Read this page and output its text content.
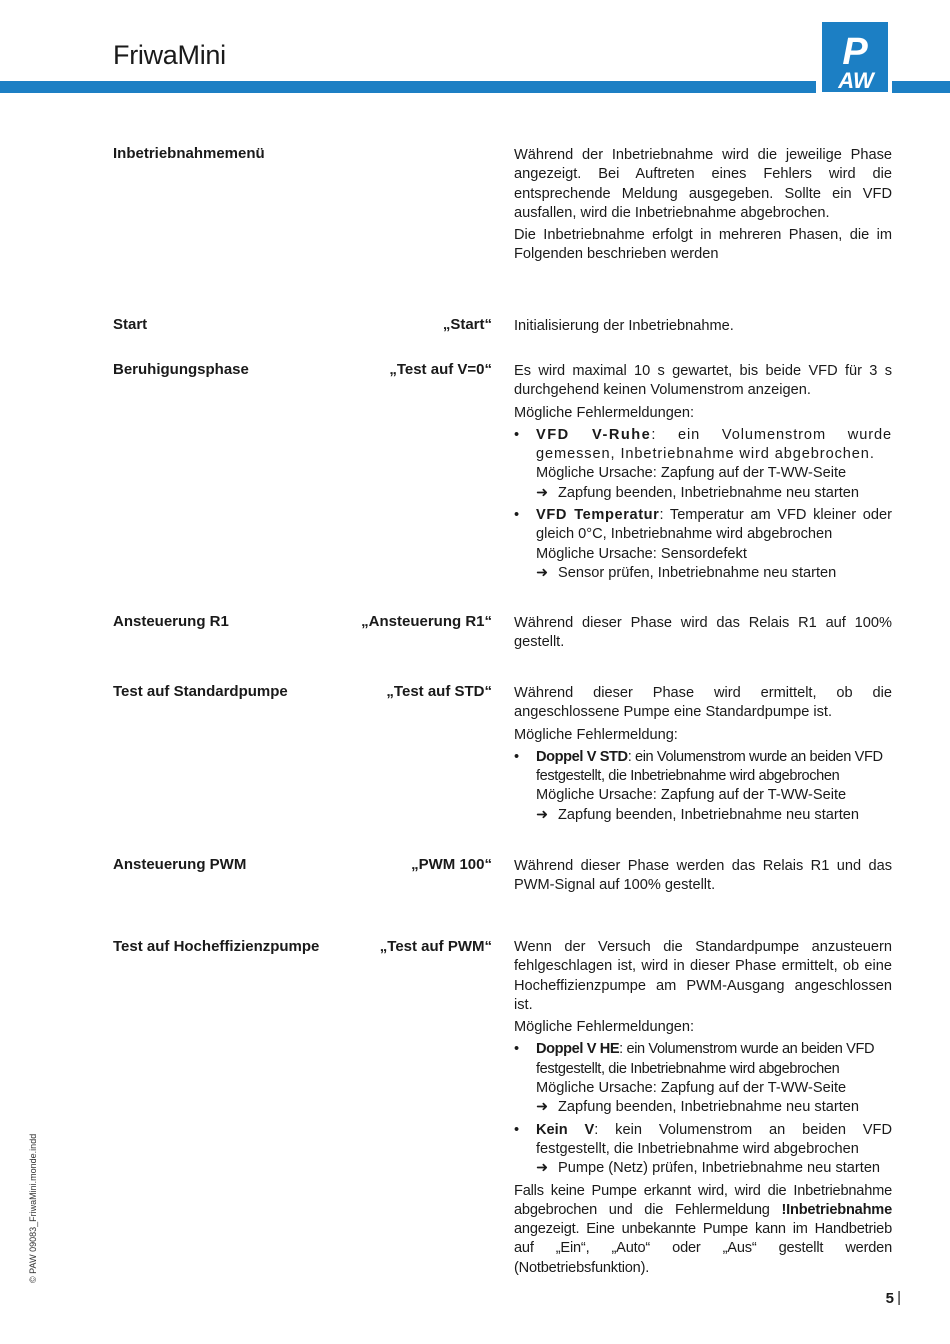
FriwaMini	P
AW
Inbetriebnahmemenü	Während der Inbetriebnahme wird die jeweilige Phase angezeigt. Bei Auftreten eines Fehlers wird die entsprechende Meldung ausgegeben. Sollte ein VFD ausfallen, wird die Inbetriebnahme abgebrochen.

Die Inbetriebnahme erfolgt in mehreren Phasen, die im Folgenden beschrieben werden

Start	„Start“ Initialisierung der Inbetriebnahme.

Beruhigungsphase	„Test auf V=0“ Es wird maximal 10 s gewartet, bis beide VFD für 3 s durchgehend keinen Volumenstrom anzeigen.

Mögliche Fehlermeldungen:

• VFD V-Ruhe: ein Volumenstrom wurde gemessen, Inbetriebnahme wird abgebrochen.
Mögliche Ursache: Zapfung auf der T-WW-Seite
➜ Zapfung beenden, Inbetriebnahme neu starten
• VFD Temperatur: Temperatur am VFD kleiner oder gleich 0°C, Inbetriebnahme wird abgebrochen
Mögliche Ursache: Sensordefekt
➜ Sensor prüfen, Inbetriebnahme neu starten
Ansteuerung R1	„Ansteuerung R1“ Während dieser Phase wird das Relais R1 auf 100% gestellt.

Test auf Standardpumpe	„Test auf STD“ Während dieser Phase wird ermittelt, ob die angeschlossene Pumpe eine Standardpumpe ist.

Mögliche Fehlermeldung:

• Doppel V STD: ein Volumenstrom wurde an beiden VFD festgestellt, die Inbetriebnahme wird abgebrochen
Mögliche Ursache: Zapfung auf der T-WW-Seite
➜ Zapfung beenden, Inbetriebnahme neu starten
Ansteuerung PWM	„PWM 100“ Während dieser Phase werden das Relais R1 und das PWM-Signal auf 100% gestellt.

Test auf Hocheffizienzpumpe	„Test auf PWM“ Wenn der Versuch die Standardpumpe anzusteuern fehlgeschlagen ist, wird in dieser Phase ermittelt, ob eine Hocheffizienzpumpe am PWM-Ausgang angeschlossen ist.

Mögliche Fehlermeldungen:

• Doppel V HE: ein Volumenstrom wurde an beiden VFD festgestellt, die Inbetriebnahme wird abgebrochen
Mögliche Ursache: Zapfung auf der T-WW-Seite
➜ Zapfung beenden, Inbetriebnahme neu starten
• Kein V: kein Volumenstrom an beiden VFD festgestellt, die Inbetriebnahme wird abgebrochen
➜ Pumpe (Netz) prüfen, Inbetriebnahme neu starten

Falls keine Pumpe erkannt wird, wird die Inbetriebnahme abgebrochen und die Fehlermeldung !Inbetriebnahme angezeigt. Eine unbekannte Pumpe kann im Handbetrieb auf „Ein“, „Auto“ oder „Aus“ gestellt werden (Notbetriebsfunktion).

© PAW 09083_FriwaMini.monde.indd
5 |
